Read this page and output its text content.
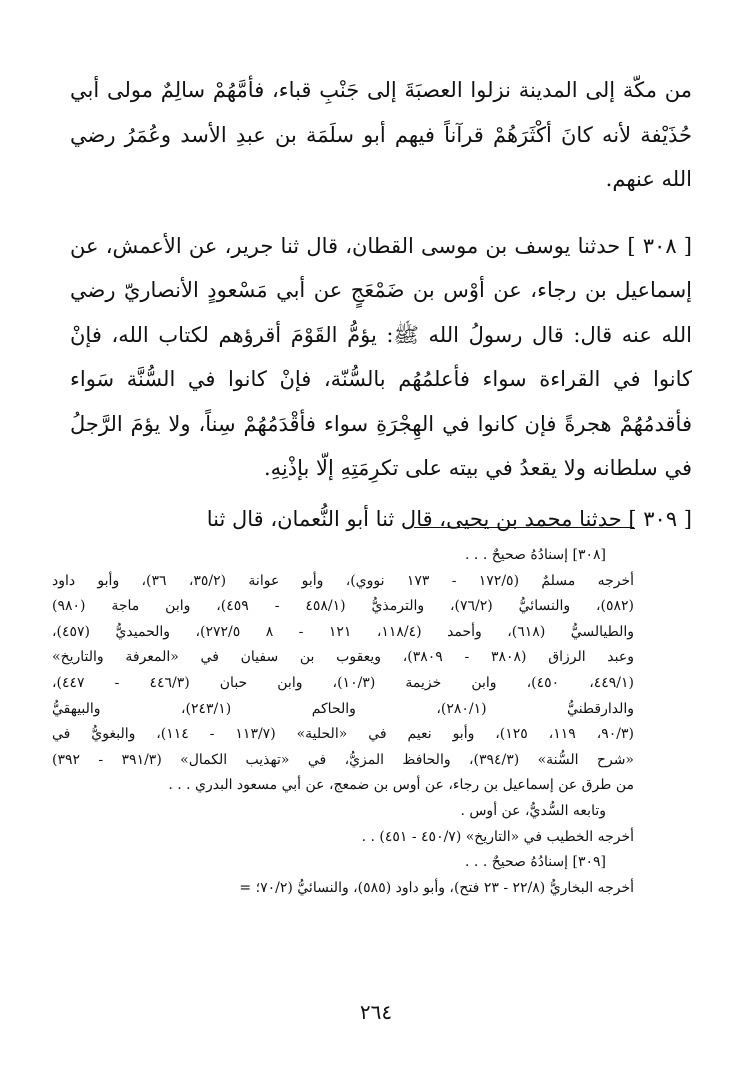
من مكّة إلى المدينة نزلوا العصبَةَ إلى جَنْبِ قباء، فأمَّهُمْ سالِمٌ مولى أبي حُذَيْفة لأنه كانَ أكْثَرَهُمْ قرآناً فيهم أبو سلَمَة بن عبدِ الأسد وعُمَرُ رضي الله عنهم.

[ ٣٠٨ ] حدثنا يوسف بن موسى القطان، قال ثنا جرير، عن الأعمش، عن إسماعيل بن رجاء، عن أوْس بن ضَمْعَجٍ عن أبي مَسْعودٍ الأنصاريّ رضي الله عنه قال: قال رسولُ الله ﷺ: يؤمُّ القَوْمَ أقرؤهم لكتاب الله، فإنْ كانوا في القراءة سواء فأعلمُهُم بالسُّنّة، فإنْ كانوا في السُّنَّة سَواء فأقدمُهُمْ هجرةً فإن كانوا في الهِجْرَةِ سواء فأقْدَمُهُمْ سِناً، ولا يؤمَ الرَّجلُ في سلطانه ولا يقعدُ في بيته على تكرِمَتِهِ إلّا بإذْنِهِ.

[ ٣٠٩ ] حدثنا محمد بن يحيى، قال ثنا أبو النُّعمان، قال ثنا

[٣٠٨] إسنادُهُ صحيحٌ . . .
أخرجه مسلمٌ (١٧٢/٥ - ١٧٣ نووي)، وأبو عوانة (٣٥/٢، ٣٦)، وأبو داود
(٥٨٢)، والنسائيُّ (٧٦/٢)، والترمذيُّ (٤٥٨/١ - ٤٥٩)، وابن ماجة (٩٨٠)
والطيالسيُّ (٦١٨)، وأحمد (١١٨/٤، ١٢١ - ٨ ٢٧٢/٥)، والحميديُّ (٤٥٧)،
وعبد الرزاق (٣٨٠٨ - ٣٨٠٩)، ويعقوب بن سفيان في «المعرفة والتاريخ»
(٤٤٩/١، ٤٥٠)، وابن خزيمة (١٠/٣)، وابن حبان (٤٤٦/٣ - ٤٤٧)،
والدارقطنيُّ (٢٨٠/١)، والحاكم (٢٤٣/١)، والبيهقيُّ
(٩٠/٣، ١١٩، ١٢٥)، وأبو نعيم في «الحلية» (١١٣/٧ - ١١٤)، والبغويُّ في
«شرح السُّنة» (٣٩٤/٣)، والحافظ المزيُّ، في «تهذيب الكمال» (٣٩١/٣ - ٣٩٢)
من طرق عن إسماعيل بن رجاء، عن أوس بن ضمعج، عن أبي مسعود البدري . . .
وتابعه السُّديُّ، عن أوس .
أخرجه الخطيب في «التاريخ» (٤٥٠/٧ - ٤٥١) . .
[٣٠٩] إسنادُهُ صحيحٌ . . .
أخرجه البخاريُّ (٢٢/٨ - ٢٣ فتح)، وأبو داود (٥٨٥)، والنسائيُّ (٧٠/٢؛ =
٢٦٤
